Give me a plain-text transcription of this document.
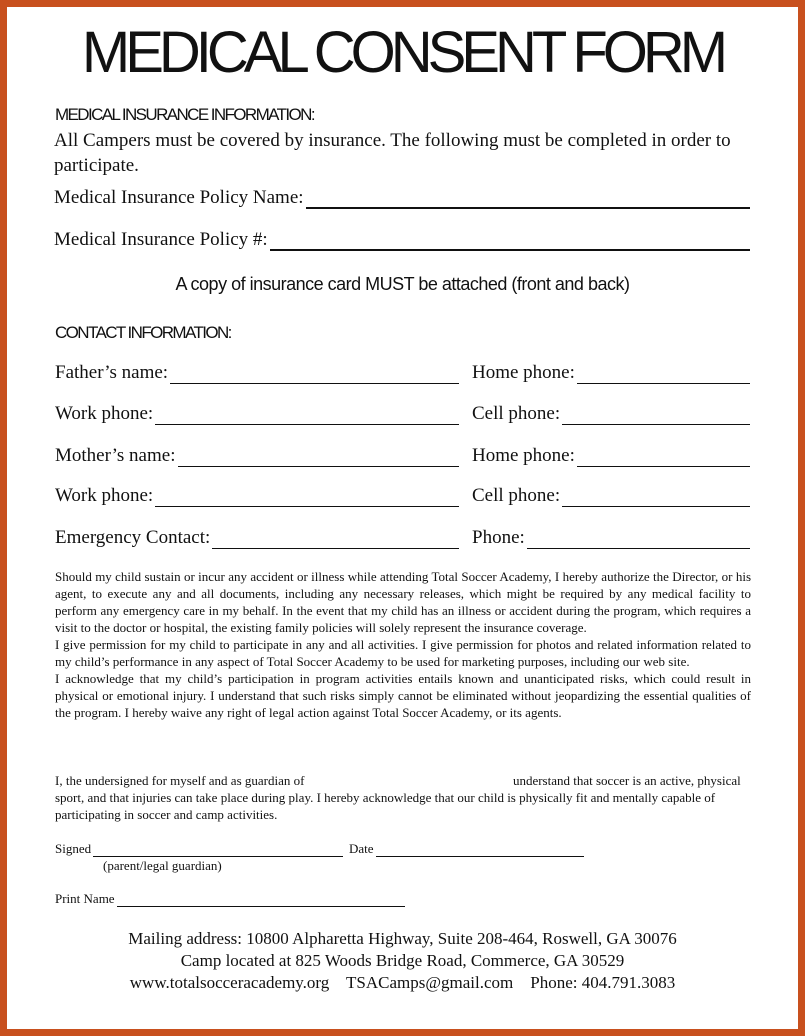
MEDICAL CONSENT FORM
MEDICAL INSURANCE INFORMATION:
All Campers must be covered by insurance. The following must be completed in order to participate.
Medical Insurance Policy Name:
Medical Insurance Policy #:
A copy of insurance card MUST be attached (front and back)
CONTACT INFORMATION:
Father’s name:	Home phone:
Work phone:	Cell phone:
Mother’s name:	Home phone:
Work phone:	Cell phone:
Emergency Contact:	Phone:

Should my child sustain or incur any accident or illness while attending Total Soccer Academy, I hereby authorize the Director, or his agent, to execute any and all documents, including any necessary releases, which might be required by any medical facility to perform any emergency care in my behalf. In the event that my child has an illness or accident during the program, which requires a visit to the doctor or hospital, the existing family policies will solely represent the insurance coverage.

I give permission for my child to participate in any and all activities. I give permission for photos and related information related to my child’s performance in any aspect of Total Soccer Academy to be used for marketing purposes, including our web site.

I acknowledge that my child’s participation in program activities entails known and unanticipated risks, which could result in physical or emotional injury. I understand that such risks simply cannot be eliminated without jeopardizing the essential qualities of the program. I hereby waive any right of legal action against Total Soccer Academy, or its agents.

I, the undersigned for myself and as guardian of	understand that soccer is an active, physical sport, and that injuries can take place during play. I hereby acknowledge that our child is physically fit and mentally capable of participating in soccer and camp activities.
Signed	Date
(parent/legal guardian)
Print Name
Mailing address: 10800 Alpharetta Highway, Suite 208-464, Roswell, GA 30076
Camp located at 825 Woods Bridge Road, Commerce, GA 30529
www.totalsocceracademy.org TSACamps@gmail.com Phone: 404.791.3083
